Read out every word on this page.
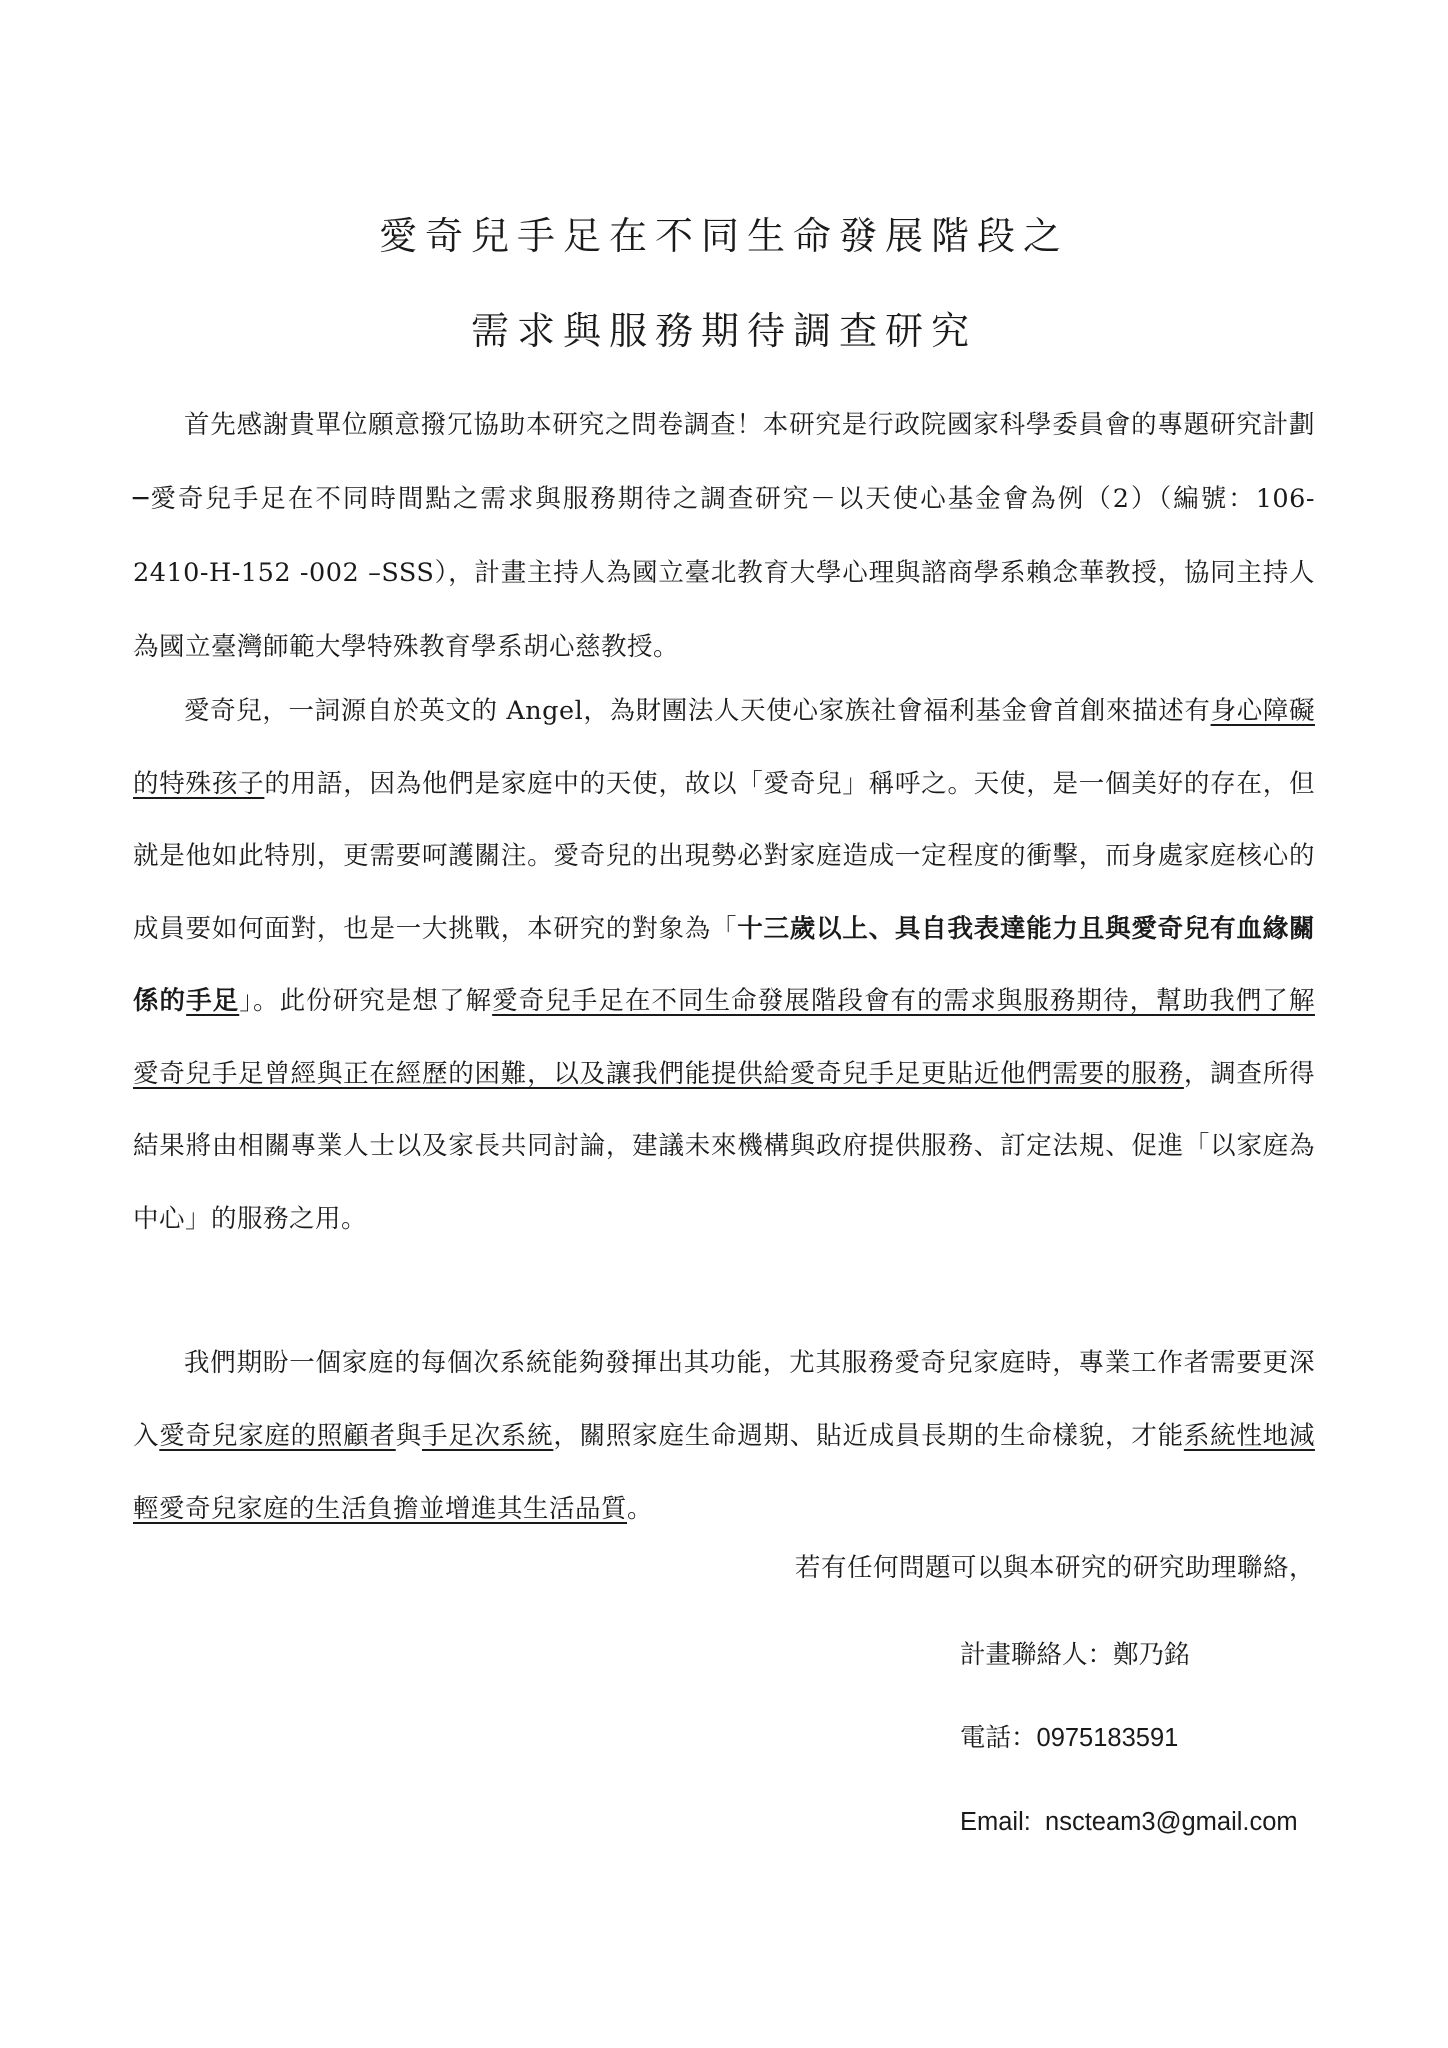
愛奇兒手足在不同生命發展階段之
需求與服務期待調查研究

首先感謝貴單位願意撥冗協助本研究之問卷調查！本研究是行政院國家科學委員會的專題研究計劃─愛奇兒手足在不同時間點之需求與服務期待之調查研究－以天使心基金會為例（2）（編號：106-2410-H-152 -002 –SSS），計畫主持人為國立臺北教育大學心理與諮商學系賴念華教授，協同主持人為國立臺灣師範大學特殊教育學系胡心慈教授。

愛奇兒，一詞源自於英文的 Angel，為財團法人天使心家族社會福利基金會首創來描述有身心障礙的特殊孩子的用語，因為他們是家庭中的天使，故以「愛奇兒」稱呼之。天使，是一個美好的存在，但就是他如此特別，更需要呵護關注。愛奇兒的出現勢必對家庭造成一定程度的衝擊，而身處家庭核心的成員要如何面對，也是一大挑戰，本研究的對象為「十三歲以上、具自我表達能力且與愛奇兒有血緣關係的手足」。此份研究是想了解愛奇兒手足在不同生命發展階段會有的需求與服務期待，幫助我們了解愛奇兒手足曾經與正在經歷的困難，以及讓我們能提供給愛奇兒手足更貼近他們需要的服務，調查所得結果將由相關專業人士以及家長共同討論，建議未來機構與政府提供服務、訂定法規、促進「以家庭為中心」的服務之用。

我們期盼一個家庭的每個次系統能夠發揮出其功能，尤其服務愛奇兒家庭時，專業工作者需要更深入愛奇兒家庭的照顧者與手足次系統，關照家庭生命週期、貼近成員長期的生命樣貌，才能系統性地減輕愛奇兒家庭的生活負擔並增進其生活品質。

若有任何問題可以與本研究的研究助理聯絡，
計畫聯絡人：鄭乃銘
電話：0975183591
Email: nscteam3@gmail.com
